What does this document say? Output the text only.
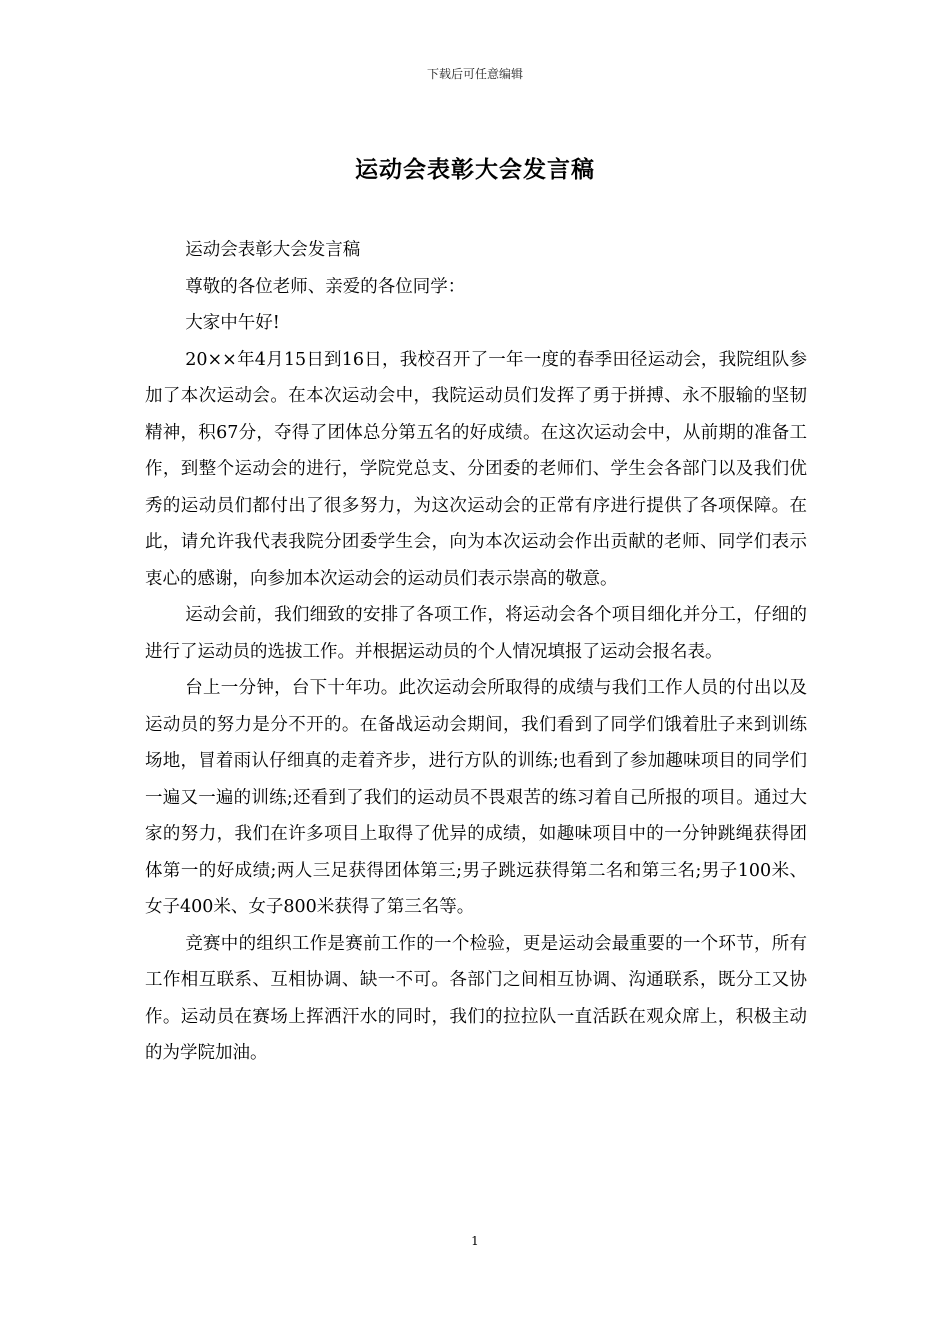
下载后可任意编辑
运动会表彰大会发言稿

运动会表彰大会发言稿

尊敬的各位老师、亲爱的各位同学：

大家中午好!

20××年4月15日到16日，我校召开了一年一度的春季田径运动会，我院组队参加了本次运动会。在本次运动会中，我院运动员们发挥了勇于拼搏、永不服输的坚韧精神，积67分，夺得了团体总分第五名的好成绩。在这次运动会中，从前期的准备工作，到整个运动会的进行，学院党总支、分团委的老师们、学生会各部门以及我们优秀的运动员们都付出了很多努力，为这次运动会的正常有序进行提供了各项保障。在此，请允许我代表我院分团委学生会，向为本次运动会作出贡献的老师、同学们表示衷心的感谢，向参加本次运动会的运动员们表示崇高的敬意。

运动会前，我们细致的安排了各项工作，将运动会各个项目细化并分工，仔细的进行了运动员的选拔工作。并根据运动员的个人情况填报了运动会报名表。

台上一分钟，台下十年功。此次运动会所取得的成绩与我们工作人员的付出以及运动员的努力是分不开的。在备战运动会期间，我们看到了同学们饿着肚子来到训练场地，冒着雨认仔细真的走着齐步，进行方队的训练;也看到了参加趣味项目的同学们一遍又一遍的训练;还看到了我们的运动员不畏艰苦的练习着自己所报的项目。通过大家的努力，我们在许多项目上取得了优异的成绩，如趣味项目中的一分钟跳绳获得团体第一的好成绩;两人三足获得团体第三;男子跳远获得第二名和第三名;男子100米、女子400米、女子800米获得了第三名等。

竞赛中的组织工作是赛前工作的一个检验，更是运动会最重要的一个环节，所有工作相互联系、互相协调、缺一不可。各部门之间相互协调、沟通联系，既分工又协作。运动员在赛场上挥洒汗水的同时，我们的拉拉队一直活跃在观众席上，积极主动的为学院加油。

1
